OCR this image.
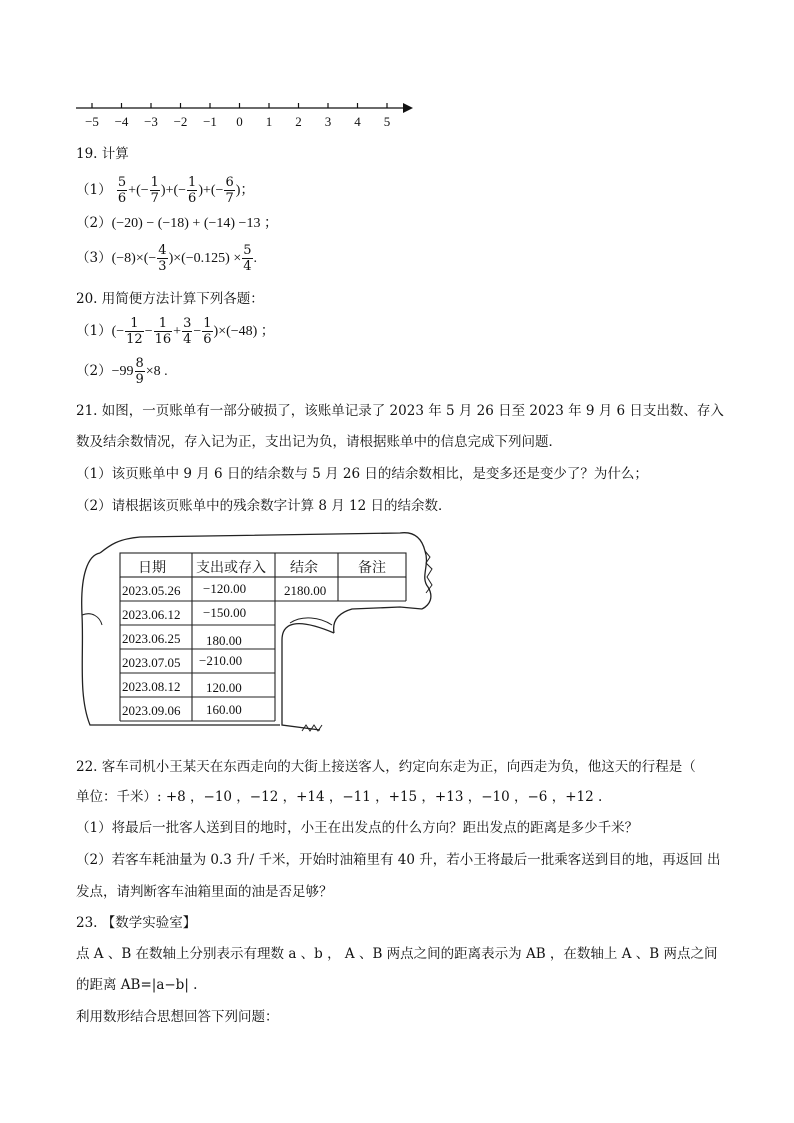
−5 −4 −3 −2 −1 0 1 2 3 4 5
19. 计算
$(1) \frac{5}{6}$ +(− $\frac{1}{7}$ )+(− $\frac{1}{6}$ )+(− $\frac{6}{7}$ )；
（2）(−20) − (−18) + (−14) −13 ；
$(3)(-8)\times(- \frac{4}{3} )\times(-0.125) \times \frac{5}{4}$ .
20. 用简便方法计算下列各题：
$(1)(- \frac{1}{12} - \frac{1}{16} + \frac{3}{4} - \frac{1}{6} )\times(-48)$ ；
$(2)-99 \frac{8}{9} \times 8$ .
21. 如图，一页账单有一部分破损了，该账单记录了 2023 年 5 月 26 日至 2023 年 9 月 6 日支出数、存入
数及结余数情况，存入记为正，支出记为负，请根据账单中的信息完成下列问题．
（1）该页账单中 9 月 6 日的结余数与 5 月 26 日的结余数相比，是变多还是变少了？为什么；
（2）请根据该页账单中的残余数字计算 8 月 12 日的结余数．
日期 支出或存入 结余	备注
2023.05.26 −120.00	2180.00
2023.06.12 −150.00
2023.06.25 180.00
2023.07.05 −210.00
2023.08.12 120.00
2023.09.06 160.00
22. 客车司机小王某天在东西走向的大街上接送客人，约定向东走为正，向西走为负，他这天的行程是（
单位：千米）: +8 ，−10 ，−12 ，+14 ，−11 ，+15 ，+13 ，−10 ，−6 ，+12 .
（1）将最后一批客人送到目的地时，小王在出发点的什么方向？距出发点的距离是多少千米？
（2）若客车耗油量为 0.3 升/ 千米，开始时油箱里有 40 升，若小王将最后一批乘客送到目的地，再返回 出
发点，请判断客车油箱里面的油是否足够？
23. 【数学实验室】
点 A 、B 在数轴上分别表示有理数 a 、b ， A 、B 两点之间的距离表示为 AB ，在数轴上 A 、B 两点之间
的距离 AB=|a−b| .
利用数形结合思想回答下列问题：
